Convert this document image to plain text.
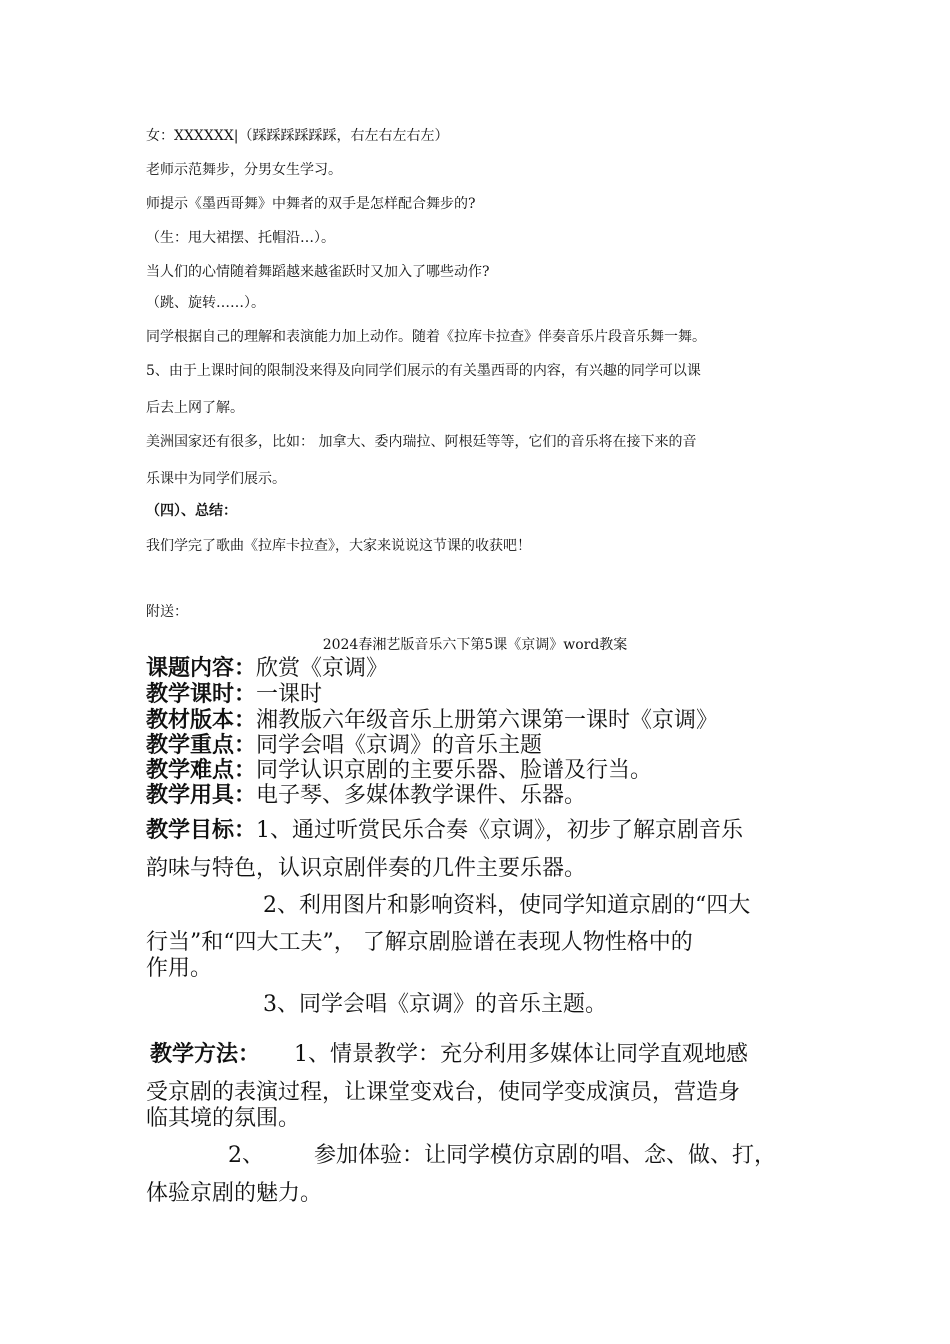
女：XXXXXX|（踩踩踩踩踩踩，右左右左右左）
老师示范舞步，分男女生学习。
师提示《墨西哥舞》中舞者的双手是怎样配合舞步的?
（生：甩大裙摆、托帽沿…）。
当人们的心情随着舞蹈越来越雀跃时又加入了哪些动作?
（跳、旋转……）。
同学根据自己的理解和表演能力加上动作。随着《拉库卡拉查》伴奏音乐片段音乐舞一舞。
5、由于上课时间的限制没来得及向同学们展示的有关墨西哥的内容，有兴趣的同学可以课
后去上网了解。
美洲国家还有很多，比如： 加拿大、委内瑞拉、阿根廷等等，它们的音乐将在接下来的音
乐课中为同学们展示。
（四）、总结：
我们学完了歌曲《拉库卡拉查》，大家来说说这节课的收获吧！
附送：
2024春湘艺版音乐六下第5课《京调》word教案
课题内容：欣赏《京调》
教学课时：一课时
教材版本：湘教版六年级音乐上册第六课第一课时《京调》
教学重点：同学会唱《京调》的音乐主题
教学难点：同学认识京剧的主要乐器、脸谱及行当。
教学用具：电子琴、多媒体教学课件、乐器。
教学目标：1、通过听赏民乐合奏《京调》，初步了解京剧音乐
韵味与特色，认识京剧伴奏的几件主要乐器。
2、利用图片和影响资料，使同学知道京剧的“四大
行当”和“四大工夫”， 了解京剧脸谱在表现人物性格中的
作用。
3、同学会唱《京调》的音乐主题。
教学方法： 1、情景教学：充分利用多媒体让同学直观地感
受京剧的表演过程，让课堂变戏台，使同学变成演员，营造身
临其境的氛围。
2、 参加体验：让同学模仿京剧的唱、念、做、打，
体验京剧的魅力。
